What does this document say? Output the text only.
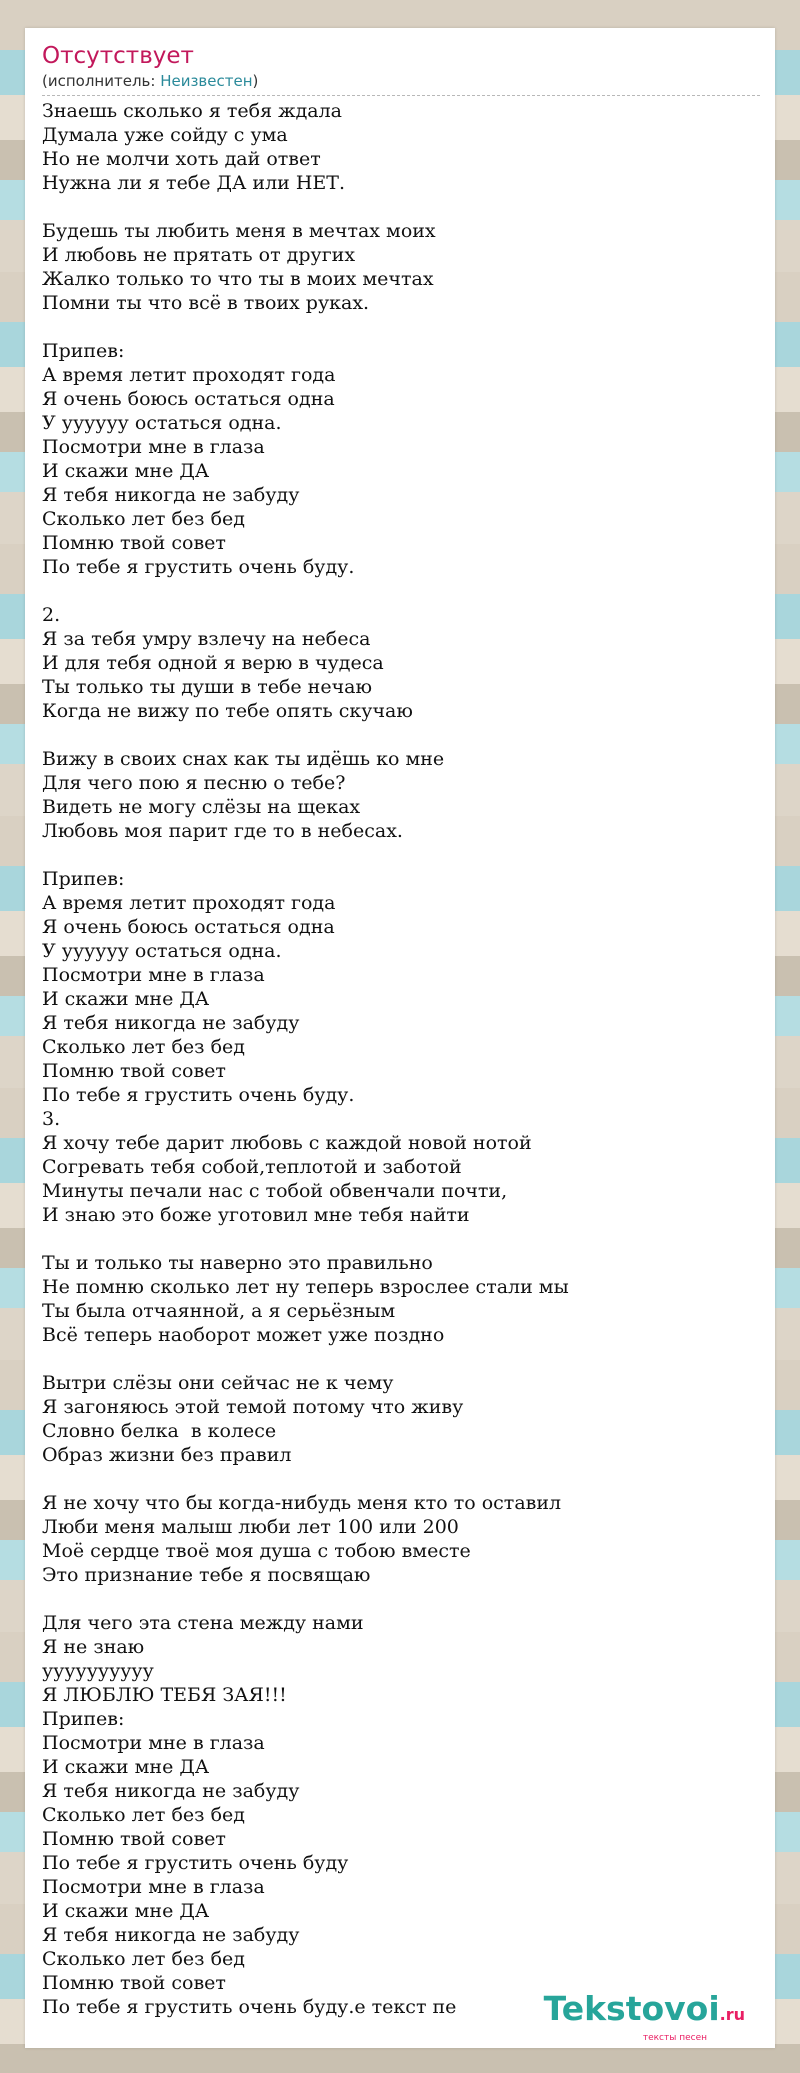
Отсутствует
(исполнитель: Неизвестен)
Знаешь сколько я тебя ждала
Думала уже сойду с ума
Но не молчи хоть дай ответ
Нужна ли я тебе ДА или НЕТ.
Будешь ты любить меня в мечтах моих
И любовь не прятать от других
Жалко только то что ты в моих мечтах
Помни ты что всё в твоих руках.
Припев:
А время летит проходят года
Я очень боюсь остаться одна
У уууууу остаться одна.
Посмотри мне в глаза
И скажи мне ДА
Я тебя никогда не забуду
Сколько лет без бед
Помню твой совет
По тебе я грустить очень буду.
2.
Я за тебя умру взлечу на небеса
И для тебя одной я верю в чудеса
Ты только ты души в тебе нечаю
Когда не вижу по тебе опять скучаю
Вижу в своих снах как ты идёшь ко мне
Для чего пою я песню о тебе?
Видеть не могу слёзы на щеках
Любовь моя парит где то в небесах.
Припев:
А время летит проходят года
Я очень боюсь остаться одна
У уууууу остаться одна.
Посмотри мне в глаза
И скажи мне ДА
Я тебя никогда не забуду
Сколько лет без бед
Помню твой совет
По тебе я грустить очень буду.
3.
Я хочу тебе дарит любовь с каждой новой нотой
Согревать тебя собой,теплотой и заботой
Минуты печали нас с тобой обвенчали почти,
И знаю это боже уготовил мне тебя найти
Ты и только ты наверно это правильно
Не помню сколько лет ну теперь взрослее стали мы
Ты была отчаянной, а я серьёзным
Всё теперь наоборот может уже поздно
Вытри слёзы они сейчас не к чему
Я загоняюсь этой темой потому что живу
Словно белка  в колесе
Образ жизни без правил
Я не хочу что бы когда-нибудь меня кто то оставил
Люби меня малыш люби лет 100 или 200
Моё сердце твоё моя душа с тобою вместе
Это признание тебе я посвящаю
Для чего эта стена между нами
Я не знаю
уууууууууу
Я ЛЮБЛЮ ТЕБЯ ЗАЯ!!!
Припев:
Посмотри мне в глаза
И скажи мне ДА
Я тебя никогда не забуду
Сколько лет без бед
Помню твой совет
По тебе я грустить очень буду
Посмотри мне в глаза
И скажи мне ДА
Я тебя никогда не забуду
Сколько лет без бед
Помню твой совет
По тебе я грустить очень буду.е текст пе	Tekstovoi.ru
тексты песен
